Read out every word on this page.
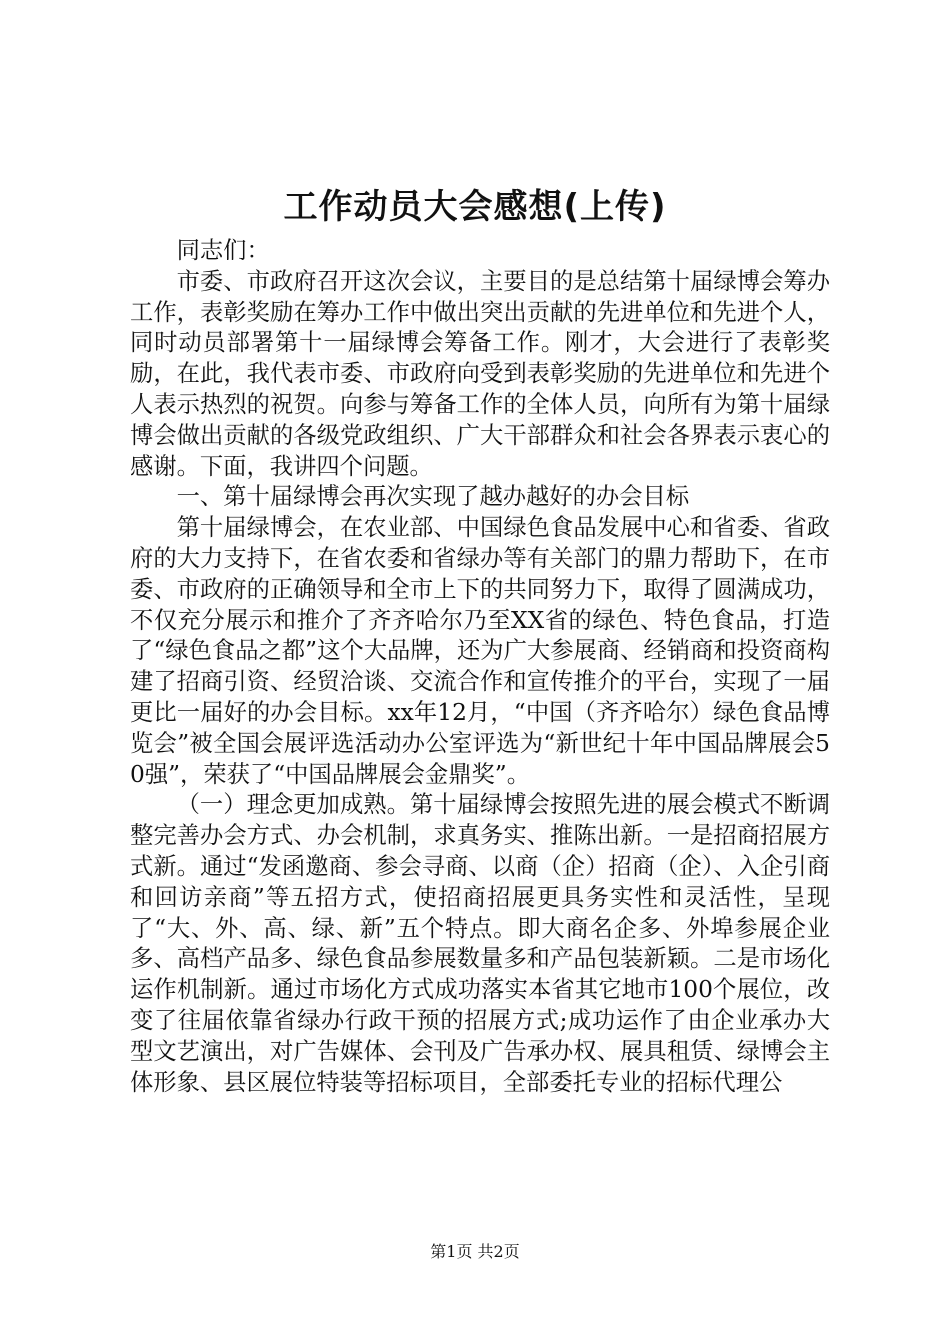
工作动员大会感想(上传)

同志们：

市委、市政府召开这次会议，主要目的是总结第十届绿博会筹办工作，表彰奖励在筹办工作中做出突出贡献的先进单位和先进个人，同时动员部署第十一届绿博会筹备工作。刚才，大会进行了表彰奖励，在此，我代表市委、市政府向受到表彰奖励的先进单位和先进个人表示热烈的祝贺。向参与筹备工作的全体人员，向所有为第十届绿博会做出贡献的各级党政组织、广大干部群众和社会各界表示衷心的感谢。下面，我讲四个问题。

一、第十届绿博会再次实现了越办越好的办会目标

第十届绿博会，在农业部、中国绿色食品发展中心和省委、省政府的大力支持下，在省农委和省绿办等有关部门的鼎力帮助下，在市委、市政府的正确领导和全市上下的共同努力下，取得了圆满成功，不仅充分展示和推介了齐齐哈尔乃至XX省的绿色、特色食品，打造了“绿色食品之都”这个大品牌，还为广大参展商、经销商和投资商构建了招商引资、经贸洽谈、交流合作和宣传推介的平台，实现了一届更比一届好的办会目标。xx年12月，“中国（齐齐哈尔）绿色食品博览会”被全国会展评选活动办公室评选为“新世纪十年中国品牌展会50强”，荣获了“中国品牌展会金鼎奖”。

（一）理念更加成熟。第十届绿博会按照先进的展会模式不断调整完善办会方式、办会机制，求真务实、推陈出新。一是招商招展方式新。通过“发函邀商、参会寻商、以商（企）招商（企）、入企引商和回访亲商”等五招方式，使招商招展更具务实性和灵活性，呈现了“大、外、高、绿、新”五个特点。即大商名企多、外埠参展企业多、高档产品多、绿色食品参展数量多和产品包装新颖。二是市场化运作机制新。通过市场化方式成功落实本省其它地市100个展位，改变了往届依靠省绿办行政干预的招展方式;成功运作了由企业承办大型文艺演出，对广告媒体、会刊及广告承办权、展具租赁、绿博会主体形象、县区展位特装等招标项目，全部委托专业的招标代理公

第1页 共2页
